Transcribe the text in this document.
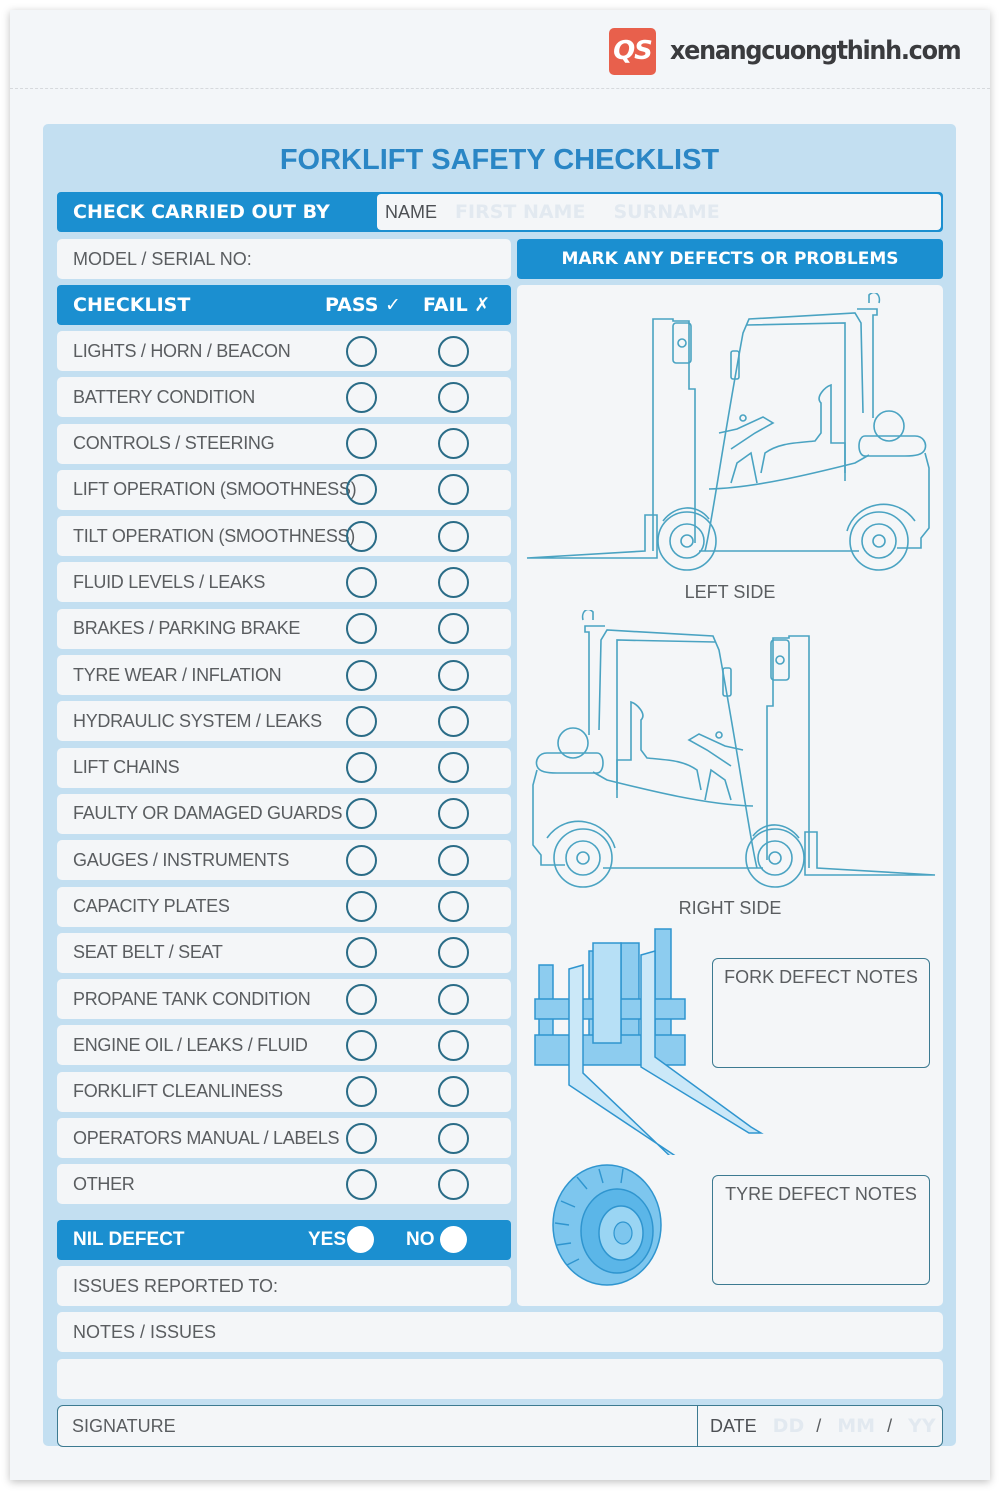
QS xenangcuongthinh.com
FORKLIFT SAFETY CHECKLIST
CHECK CARRIED OUT BY	NAME FIRST NAME SURNAME
MODEL / SERIAL NO:	MARK ANY DEFECTS OR PROBLEMS
CHECKLIST	PASS ✓ FAIL ✗
LIGHTS / HORN / BEACON
BATTERY CONDITION
CONTROLS / STEERING
LIFT OPERATION (SMOOTHNESS)
TILT OPERATION (SMOOTHNESS)
FLUID LEVELS / LEAKS
BRAKES / PARKING BRAKE
TYRE WEAR / INFLATION
HYDRAULIC SYSTEM / LEAKS
LIFT CHAINS
FAULTY OR DAMAGED GUARDS
GAUGES / INSTRUMENTS
CAPACITY PLATES
SEAT BELT / SEAT
PROPANE TANK CONDITION
ENGINE OIL / LEAKS / FLUID
FORKLIFT CLEANLINESS
OPERATORS MANUAL / LABELS
OTHER
NIL DEFECT	YES	NO
ISSUES REPORTED TO:
LEFT SIDE
RIGHT SIDE
FORK DEFECT NOTES
TYRE DEFECT NOTES
NOTES / ISSUES
SIGNATURE	DATE DD / MM / YY
